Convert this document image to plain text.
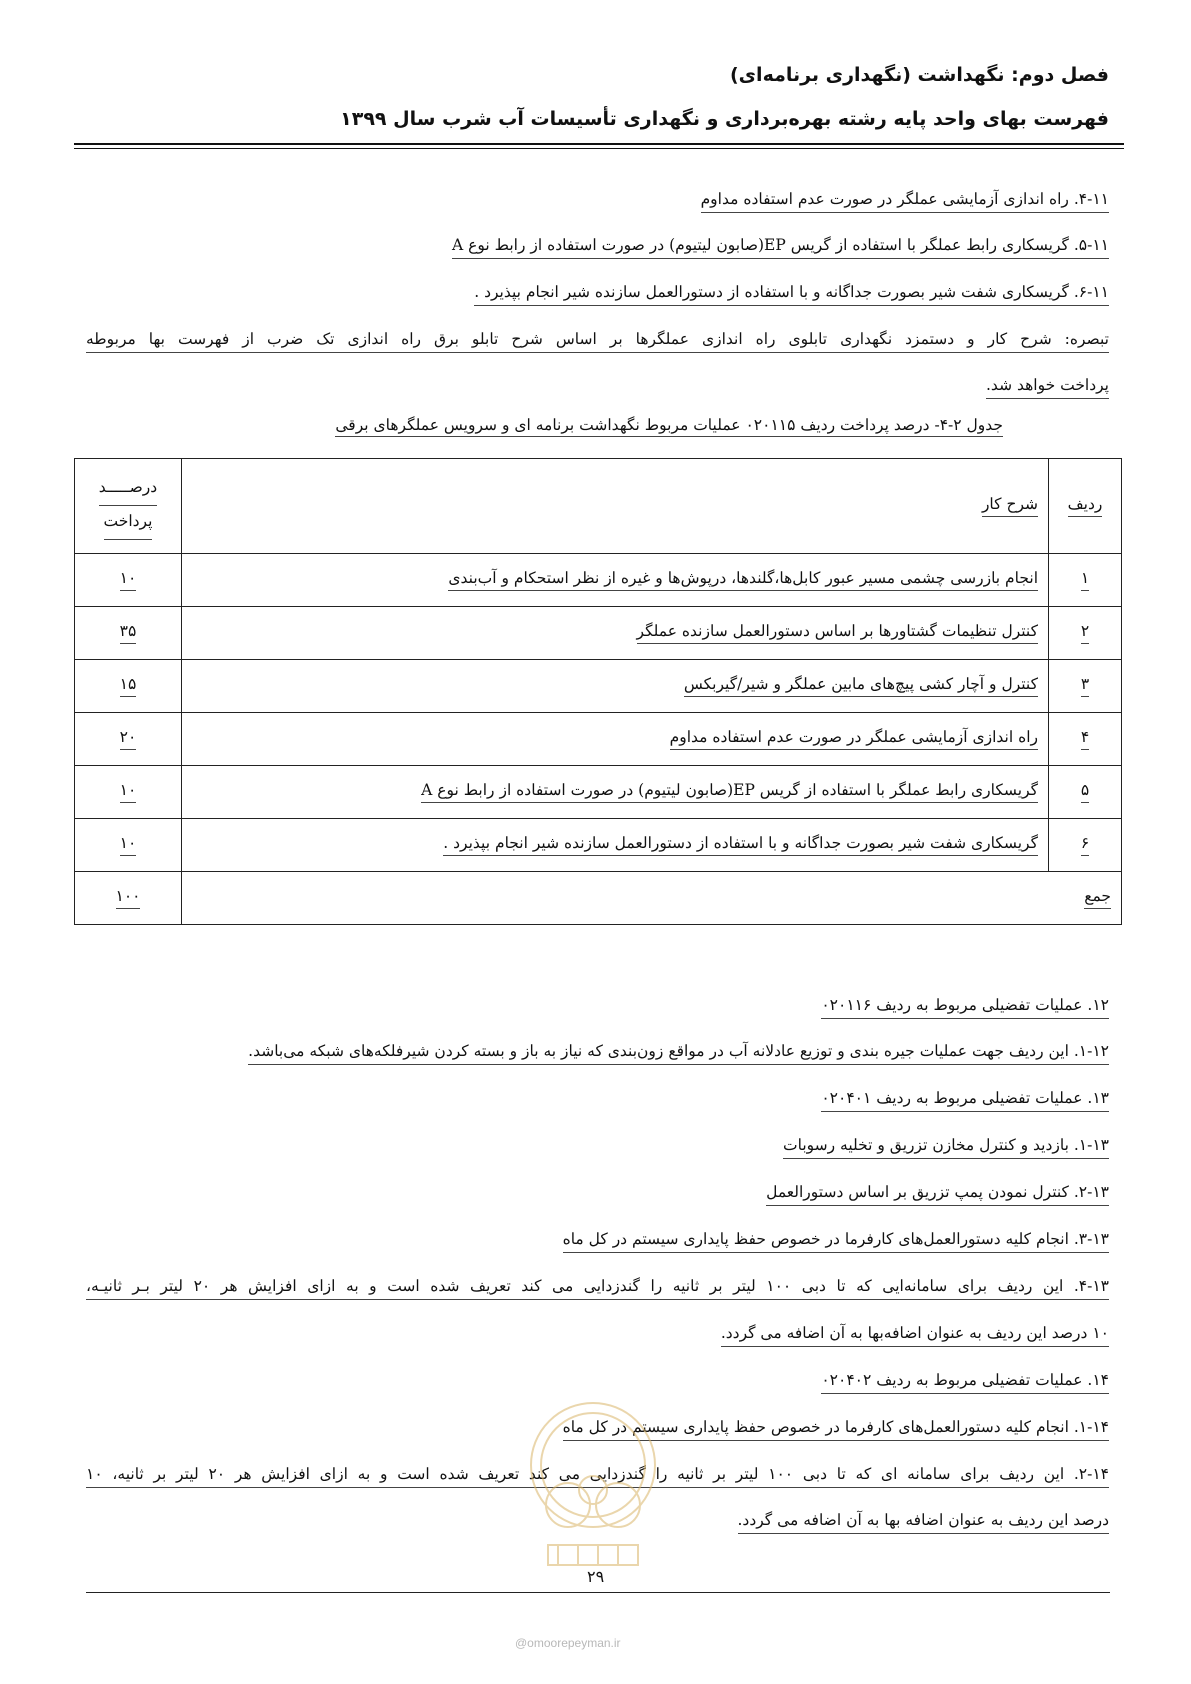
فصل دوم: نگهداشت (نگهداری برنامه‌ای)
فهرست بهای واحد پایه رشته بهره‌برداری و نگهداری تأسیسات آب شرب سال ۱۳۹۹
۴-۱۱. راه اندازی آزمایشی عملگر در صورت عدم استفاده مداوم
۵-۱۱. گریسکاری رابط عملگر با استفاده از گریس EP(صابون لیتیوم) در صورت استفاده از رابط نوع A
۶-۱۱. گریسکاری شفت شیر بصورت جداگانه و با استفاده از دستورالعمل سازنده شیر انجام بپذیرد .
تبصره: شرح کار و دستمزد نگهداری تابلوی راه اندازی عملگرها بر اساس شرح تابلو برق راه اندازی تک ضرب از فهرست بها مربوطه
پرداخت خواهد شد.
جدول ۲-۴- درصد پرداخت ردیف ۰۲۰۱۱۵ عملیات مربوط نگهداشت برنامه ای و سرویس عملگرهای برقی
ردیف	شرح کار	درصـــــد
پرداخت

۱	انجام بازرسی چشمی مسیر عبور کابل‌ها،گلندها، درپوش‌ها و غیره از نظر استحکام و آب‌بندی	۱۰
۲	کنترل تنظیمات گشتاورها بر اساس دستورالعمل سازنده عملگر	۳۵
۳	کنترل و آچار کشی پیچ‌های مابین عملگر و شیر/گیربکس	۱۵
۴	راه اندازی آزمایشی عملگر در صورت عدم استفاده مداوم	۲۰
۵	گریسکاری رابط عملگر با استفاده از گریس EP(صابون لیتیوم) در صورت استفاده از رابط نوع A	۱۰
۶	گریسکاری شفت شیر بصورت جداگانه و با استفاده از دستورالعمل سازنده شیر انجام بپذیرد .	۱۰
جمع		۱۰۰
۱۲. عملیات تفضیلی مربوط به ردیف ۰۲۰۱۱۶
۱-۱۲. این ردیف جهت عملیات جیره بندی و توزیع عادلانه آب در مواقع زون‌بندی که نیاز به باز و بسته کردن شیرفلکه‌های شبکه می‌باشد.
۱۳. عملیات تفضیلی مربوط به ردیف ۰۲۰۴۰۱
۱-۱۳. بازدید و کنترل مخازن تزریق و تخلیه رسوبات
۲-۱۳. کنترل نمودن پمپ تزریق بر اساس دستورالعمل
۳-۱۳. انجام کلیه دستورالعمل‌های کارفرما در خصوص حفظ پایداری سیستم در کل ماه
۴-۱۳. این ردیف برای سامانه‌ایی که تا دبی ۱۰۰ لیتر بر ثانیه را گندزدایی می کند تعریف شده است و به ازای افزایش هر ۲۰ لیتر بـر ثانیـه،
۱۰ درصد این ردیف به عنوان اضافه‌بها به آن اضافه می گردد.
۱۴. عملیات تفضیلی مربوط به ردیف ۰۲۰۴۰۲
۱-۱۴. انجام کلیه دستورالعمل‌های کارفرما در خصوص حفظ پایداری سیستم در کل ماه
۲-۱۴. این ردیف برای سامانه ای که تا دبی ۱۰۰ لیتر بر ثانیه را گندزدایی می کند تعریف شده است و به ازای افزایش هر ۲۰ لیتر بر ثانیه، ۱۰
درصد این ردیف به عنوان اضافه بها به آن اضافه می گردد.
۲۹
@omoorepeyman.ir
